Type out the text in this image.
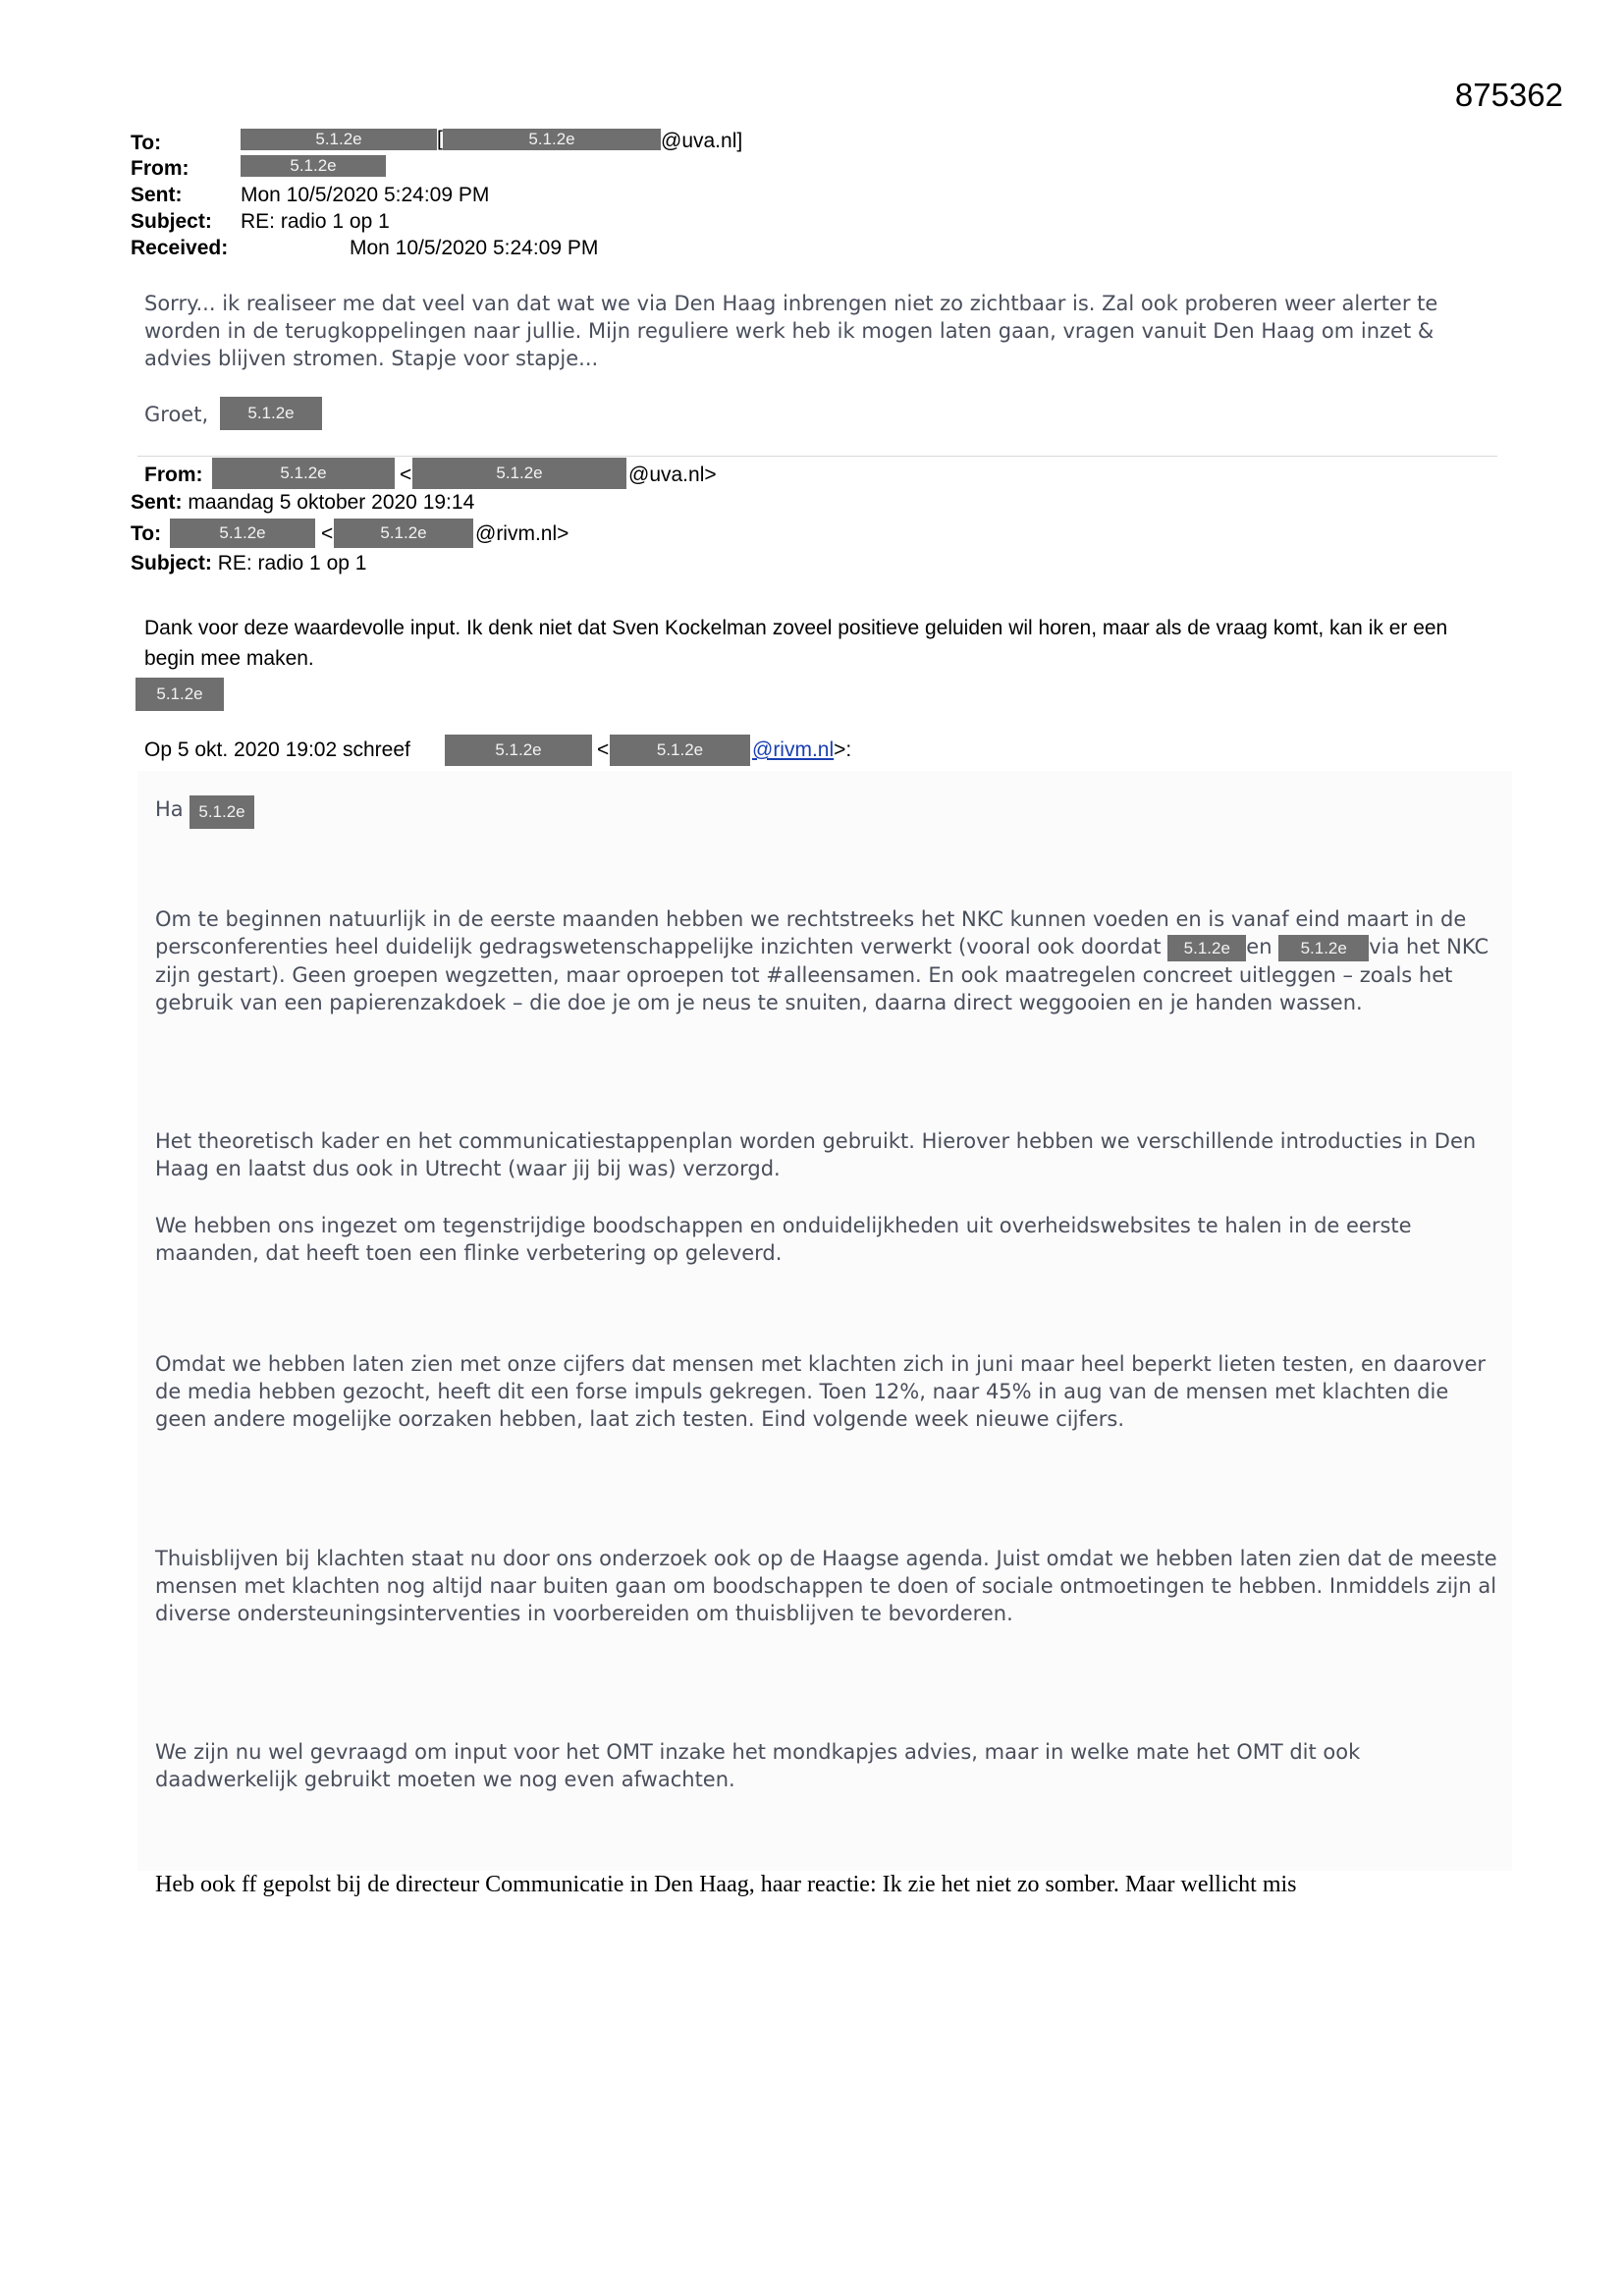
875362
To:	5.1.2e	[	5.1.2e	@uva.nl]
From:	5.1.2e
Sent:	Mon 10/5/2020 5:24:09 PM
Subject: RE: radio 1 op 1
Received:	Mon 10/5/2020 5:24:09 PM

Sorry... ik realiseer me dat veel van dat wat we via Den Haag inbrengen niet zo zichtbaar is. Zal ook proberen weer alerter te worden in de terugkoppelingen naar jullie. Mijn reguliere werk heb ik mogen laten gaan, vragen vanuit Den Haag om inzet & advies blijven stromen. Stapje voor stapje...

Groet,	5.1.2e
From:	5.1.2e	<	5.1.2e	@uva.nl>
Sent: maandag 5 oktober 2020 19:14
To:	5.1.2e	<	5.1.2e	@rivm.nl>
Subject: RE: radio 1 op 1

Dank voor deze waardevolle input. Ik denk niet dat Sven Kockelman zoveel positieve geluiden wil horen, maar als de vraag komt, kan ik er een begin mee maken.

5.1.2e
Op 5 okt. 2020 19:02 schreef	5.1.2e	<	5.1.2e	@rivm.nl>:
Ha 5.1.2e

Om te beginnen natuurlijk in de eerste maanden hebben we rechtstreeks het NKC kunnen voeden en is vanaf eind maart in de persconferenties heel duidelijk gedragswetenschappelijke inzichten verwerkt (vooral ook doordat 5.1.2e en 5.1.2e via het NKC zijn gestart). Geen groepen wegzetten, maar oproepen tot #alleensamen. En ook maatregelen concreet uitleggen – zoals het gebruik van een papierenzakdoek – die doe je om je neus te snuiten, daarna direct weggooien en je handen wassen.

Het theoretisch kader en het communicatiestappenplan worden gebruikt. Hierover hebben we verschillende introducties in Den Haag en laatst dus ook in Utrecht (waar jij bij was) verzorgd.

We hebben ons ingezet om tegenstrijdige boodschappen en onduidelijkheden uit overheidswebsites te halen in de eerste maanden, dat heeft toen een flinke verbetering op geleverd.

Omdat we hebben laten zien met onze cijfers dat mensen met klachten zich in juni maar heel beperkt lieten testen, en daarover de media hebben gezocht, heeft dit een forse impuls gekregen. Toen 12%, naar 45% in aug van de mensen met klachten die geen andere mogelijke oorzaken hebben, laat zich testen. Eind volgende week nieuwe cijfers.

Thuisblijven bij klachten staat nu door ons onderzoek ook op de Haagse agenda. Juist omdat we hebben laten zien dat de meeste mensen met klachten nog altijd naar buiten gaan om boodschappen te doen of sociale ontmoetingen te hebben. Inmiddels zijn al diverse ondersteuningsinterventies in voorbereiden om thuisblijven te bevorderen.

We zijn nu wel gevraagd om input voor het OMT inzake het mondkapjes advies, maar in welke mate het OMT dit ook daadwerkelijk gebruikt moeten we nog even afwachten.

Heb ook ff gepolst bij de directeur Communicatie in Den Haag, haar reactie: Ik zie het niet zo somber. Maar wellicht mis
